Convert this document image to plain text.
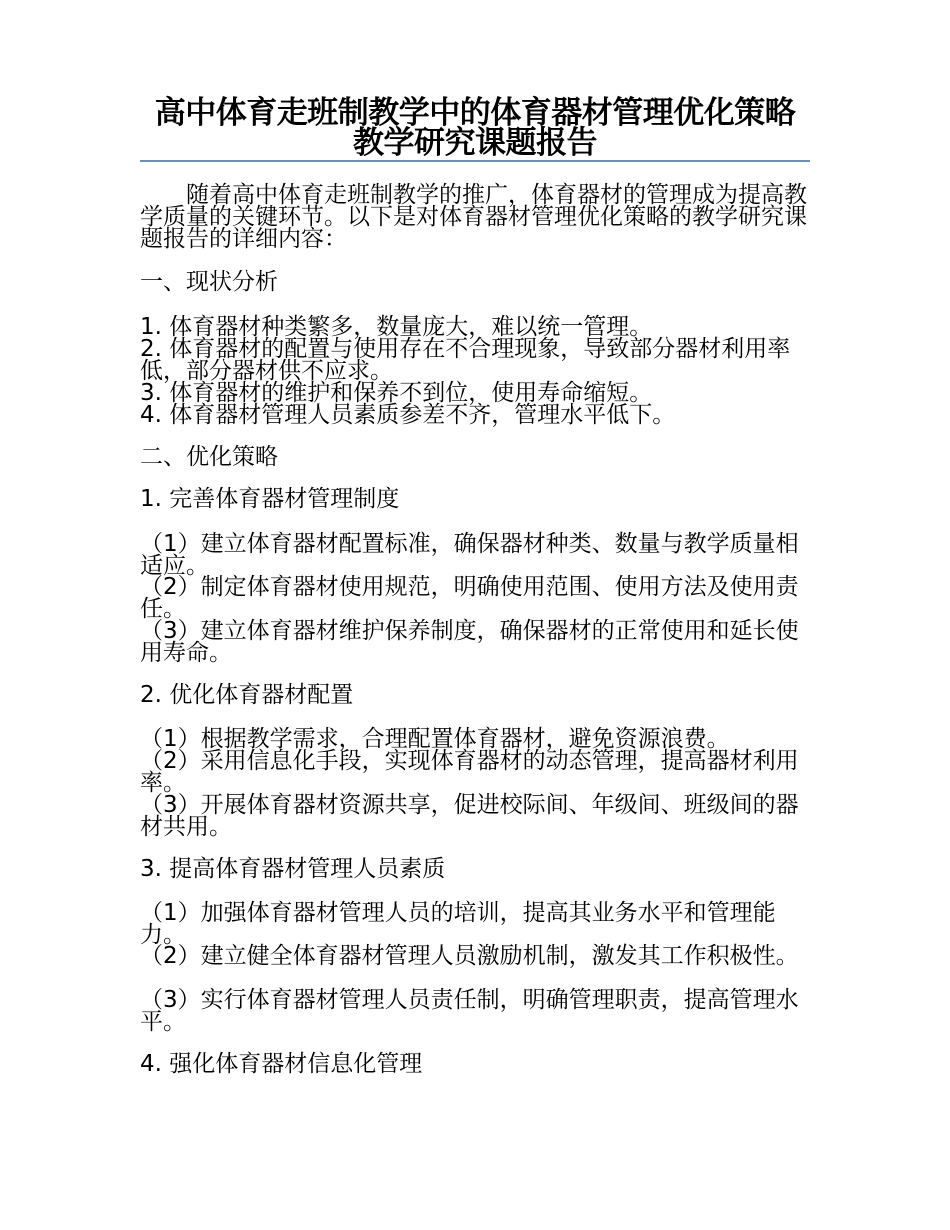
高中体育走班制教学中的体育器材管理优化策略教学研究课题报告

随着高中体育走班制教学的推广，体育器材的管理成为提高教学质量的关键环节。以下是对体育器材管理优化策略的教学研究课题报告的详细内容：

一、现状分析

1. 体育器材种类繁多，数量庞大，难以统一管理。

2. 体育器材的配置与使用存在不合理现象，导致部分器材利用率低，部分器材供不应求。

3. 体育器材的维护和保养不到位，使用寿命缩短。

4. 体育器材管理人员素质参差不齐，管理水平低下。

二、优化策略

1. 完善体育器材管理制度

（1）建立体育器材配置标准，确保器材种类、数量与教学质量相适应。

（2）制定体育器材使用规范，明确使用范围、使用方法及使用责任。

（3）建立体育器材维护保养制度，确保器材的正常使用和延长使用寿命。

2. 优化体育器材配置

（1）根据教学需求，合理配置体育器材，避免资源浪费。

（2）采用信息化手段，实现体育器材的动态管理，提高器材利用率。

（3）开展体育器材资源共享，促进校际间、年级间、班级间的器材共用。

3. 提高体育器材管理人员素质

（1）加强体育器材管理人员的培训，提高其业务水平和管理能力。

（2）建立健全体育器材管理人员激励机制，激发其工作积极性。

（3）实行体育器材管理人员责任制，明确管理职责，提高管理水平。

4. 强化体育器材信息化管理
